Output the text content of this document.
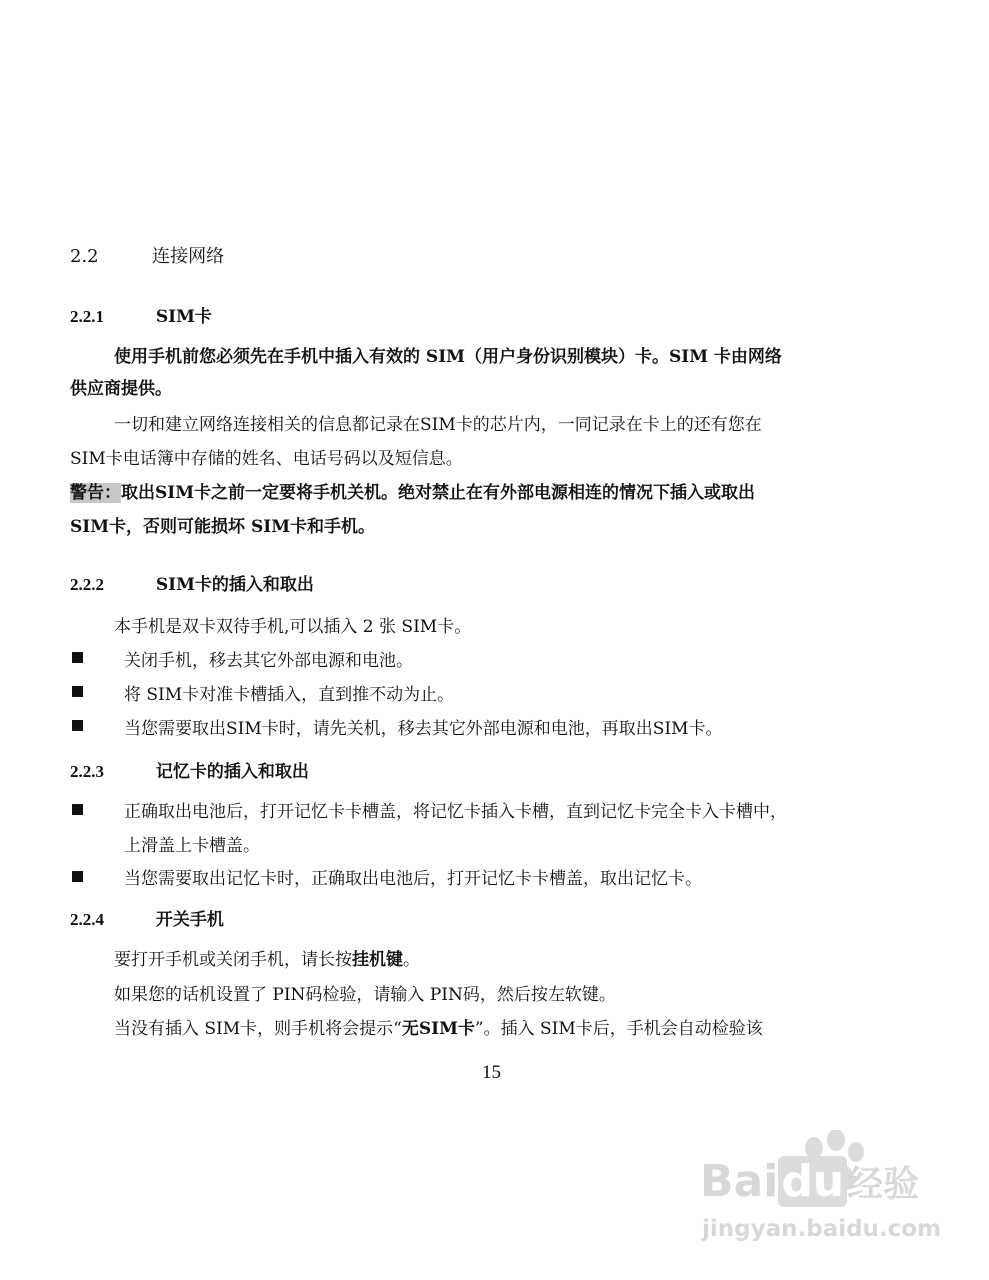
2.2	连接网络
2.2.1	SIM卡
使用手机前您必须先在手机中插入有效的 SIM（用户身份识别模块）卡。SIM 卡由网络
供应商提供。
一切和建立网络连接相关的信息都记录在SIM卡的芯片内，一同记录在卡上的还有您在
SIM卡电话簿中存储的姓名、电话号码以及短信息。
警告：取出SIM卡之前一定要将手机关机。绝对禁止在有外部电源相连的情况下插入或取出
SIM卡，否则可能损坏 SIM卡和手机。
2.2.2	SIM卡的插入和取出
本手机是双卡双待手机,可以插入 2 张 SIM卡。
关闭手机，移去其它外部电源和电池。
将 SIM卡对准卡槽插入，直到推不动为止。
当您需要取出SIM卡时，请先关机，移去其它外部电源和电池，再取出SIM卡。
2.2.3	记忆卡的插入和取出
正确取出电池后，打开记忆卡卡槽盖，将记忆卡插入卡槽，直到记忆卡完全卡入卡槽中，
上滑盖上卡槽盖。
当您需要取出记忆卡时，正确取出电池后，打开记忆卡卡槽盖，取出记忆卡。
2.2.4	开关手机
要打开手机或关闭手机，请长按挂机键。
如果您的话机设置了 PIN码检验，请输入 PIN码，然后按左软键。
当没有插入 SIM卡，则手机将会提示“无SIM卡”。插入 SIM卡后，手机会自动检验该
15
Baidu经验
jingyan.baidu.com
